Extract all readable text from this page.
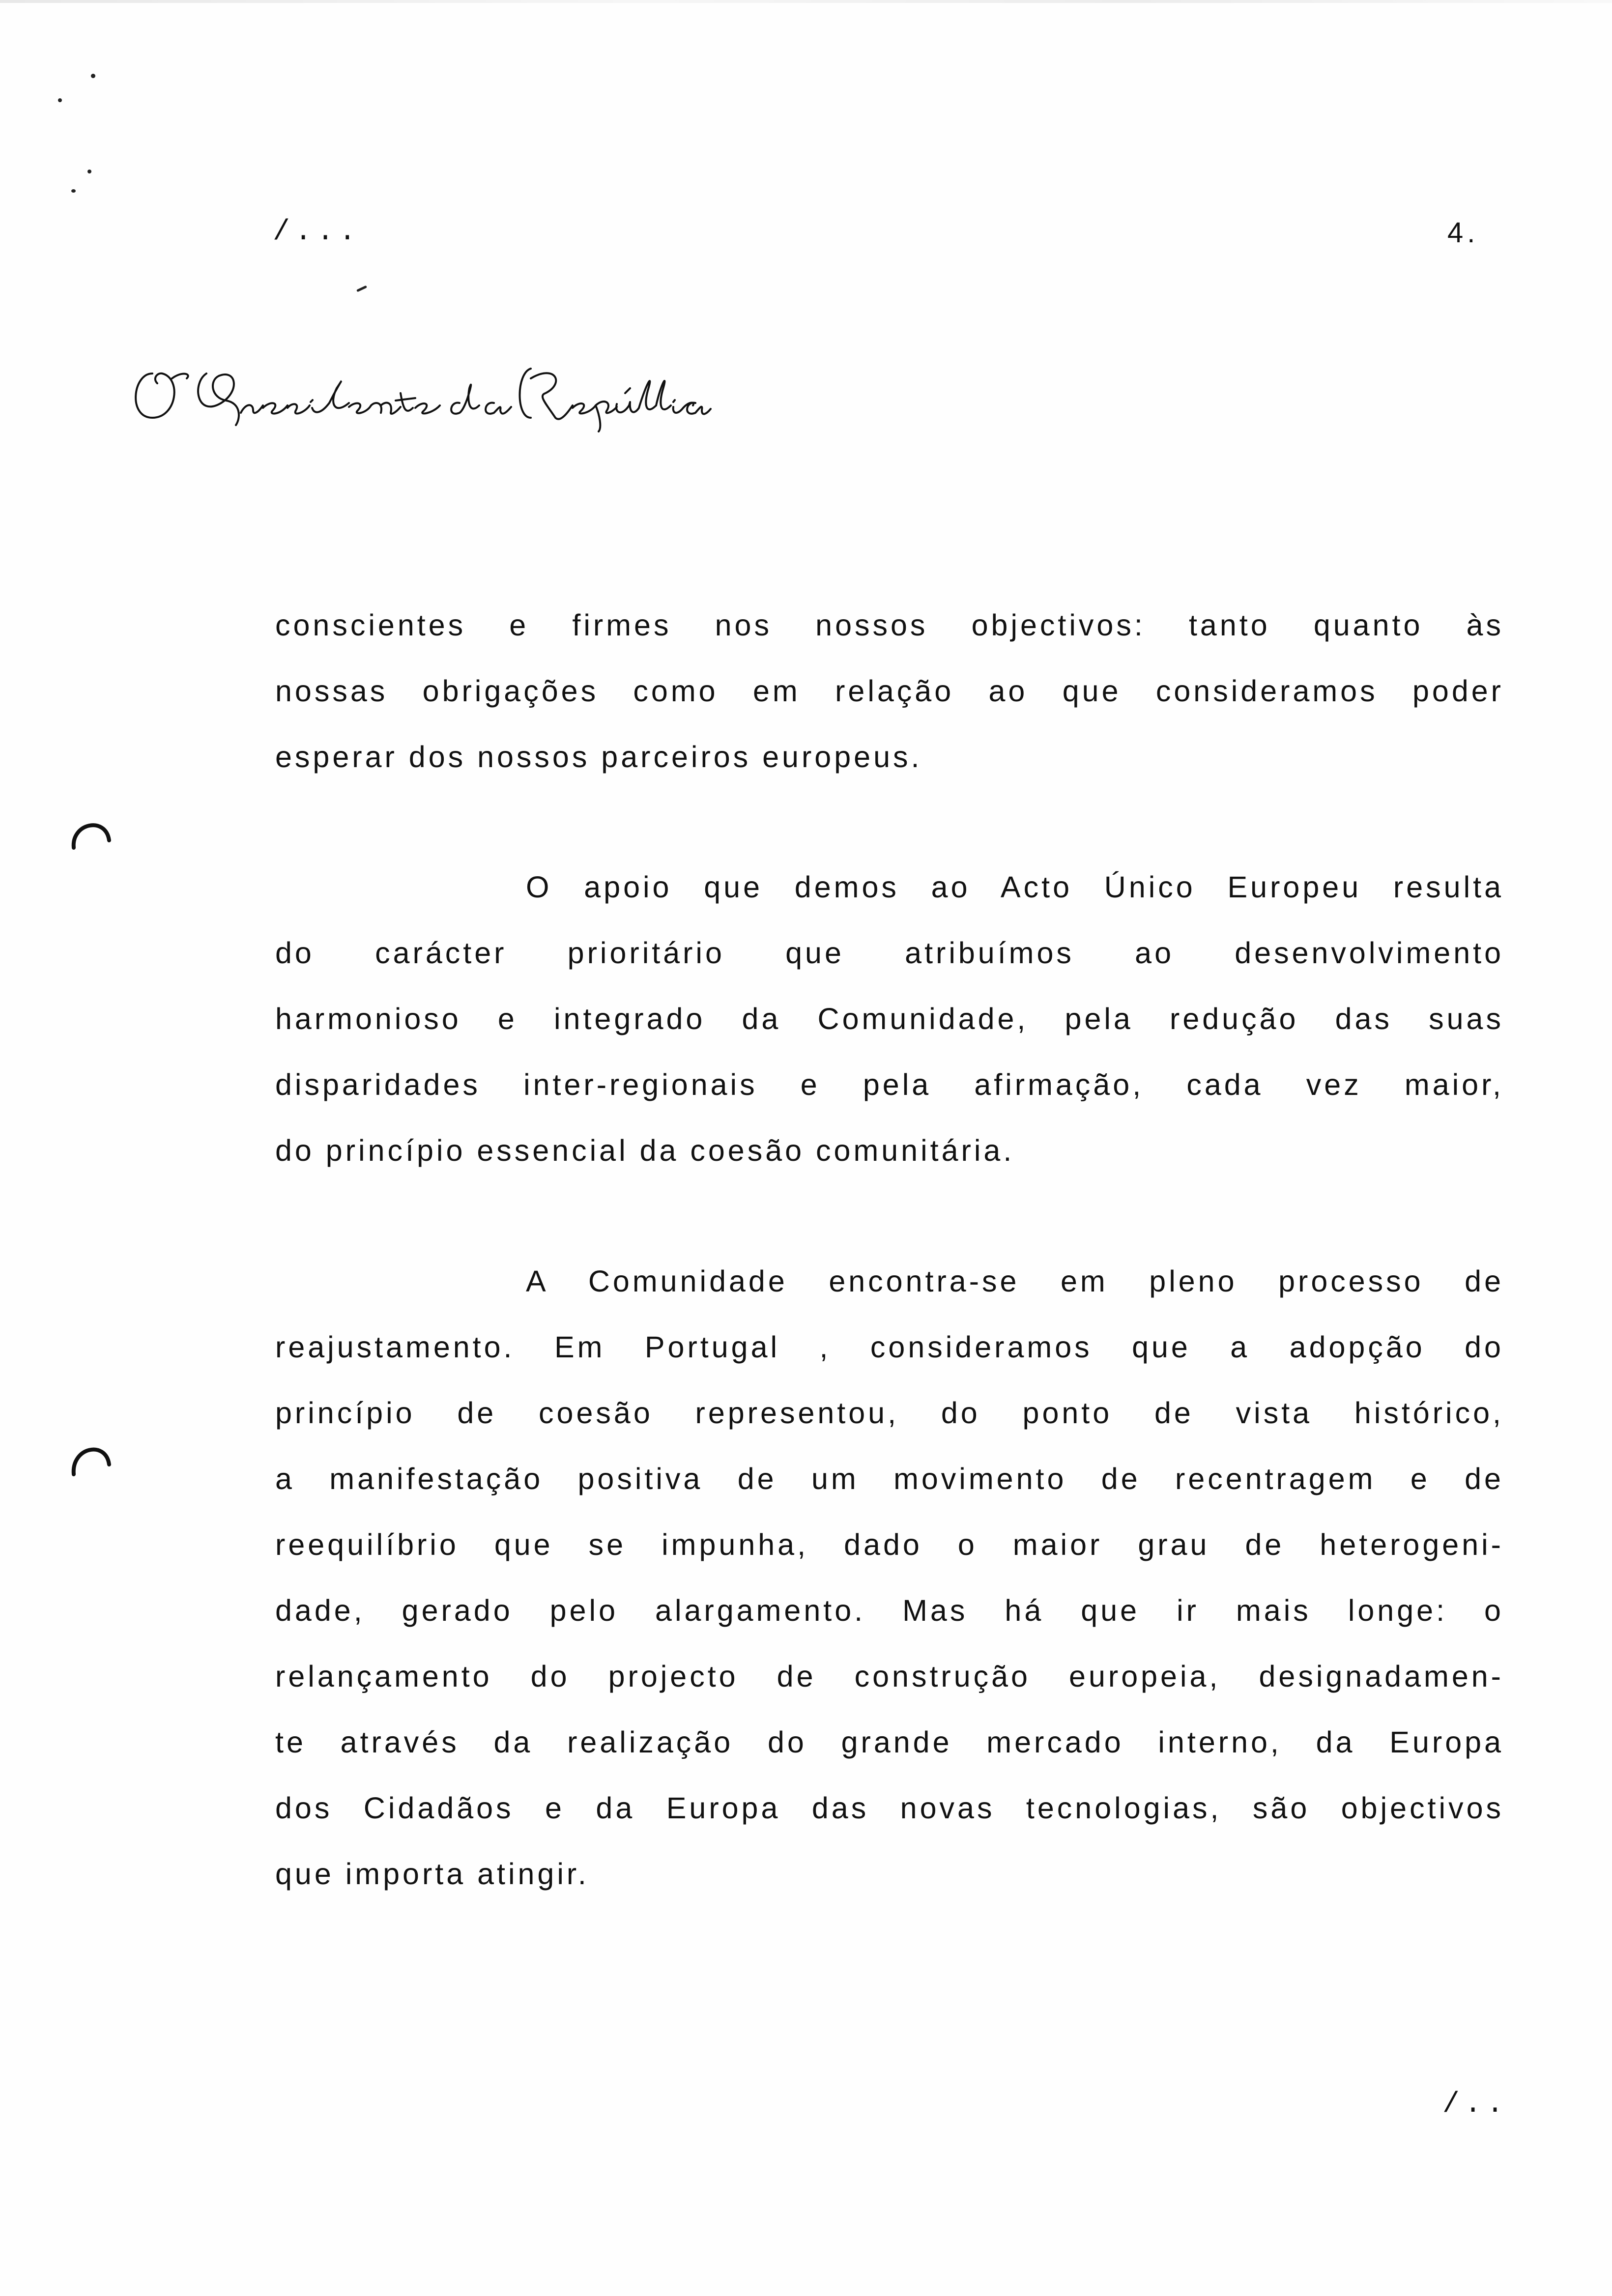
/...	4.
conscientes e firmes nos nossos objectivos: tanto quanto às
nossas obrigações como em relação ao que consideramos poder
esperar dos nossos parceiros europeus.
O apoio que demos ao Acto Único Europeu resulta
do carácter prioritário que atribuímos ao desenvolvimento
harmonioso e integrado da Comunidade, pela redução das suas
disparidades inter-regionais e pela afirmação, cada vez maior,
do princípio essencial da coesão comunitária.
A Comunidade encontra-se em pleno processo de
reajustamento. Em Portugal , consideramos que a adopção do
princípio de coesão representou, do ponto de vista histórico,
a manifestação positiva de um movimento de recentragem e de
reequilíbrio que se impunha, dado o maior grau de heterogeni-
dade, gerado pelo alargamento. Mas há que ir mais longe: o
relançamento do projecto de construção europeia, designadamen-
te através da realização do grande mercado interno, da Europa
dos Cidadãos e da Europa das novas tecnologias, são objectivos
que importa atingir.
/..
